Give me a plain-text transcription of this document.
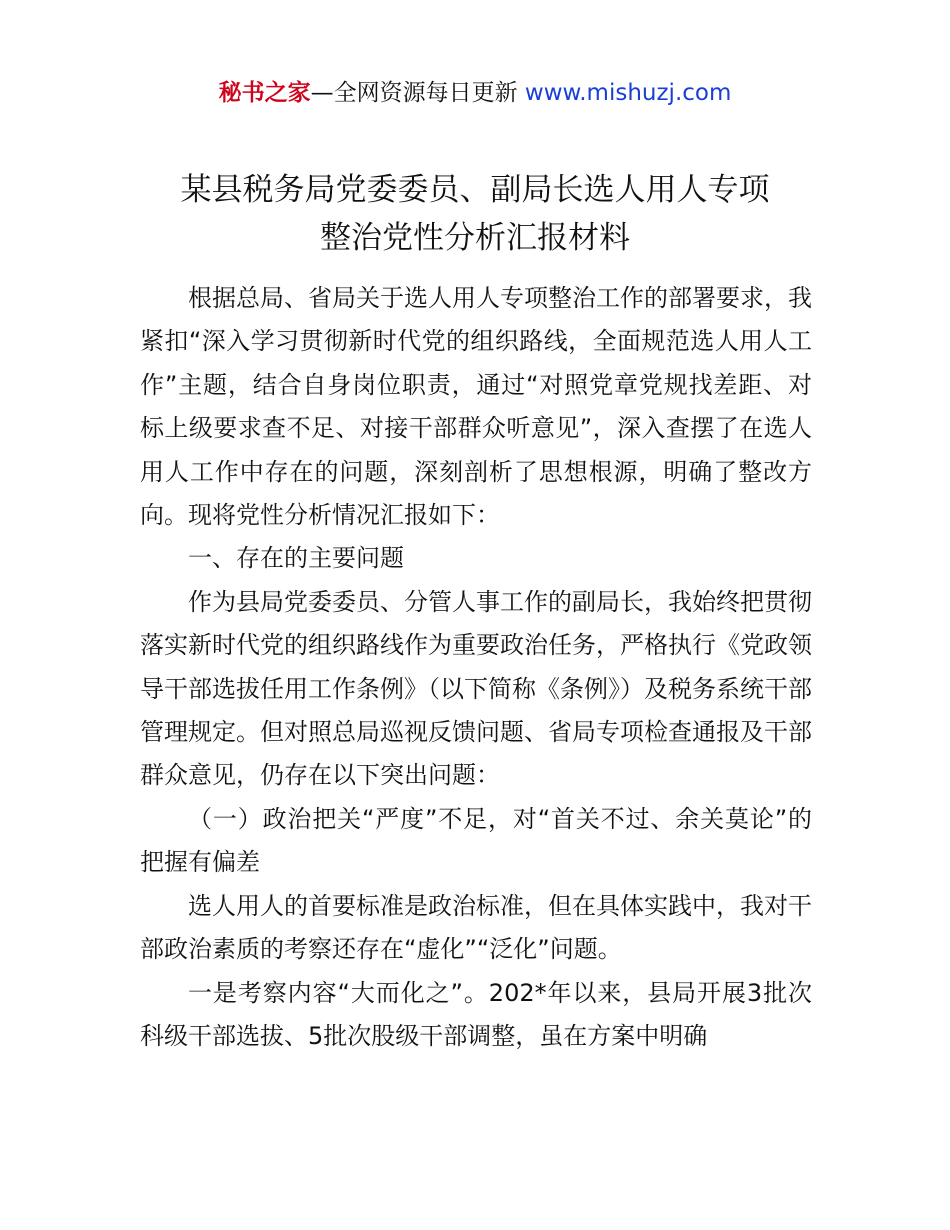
秘书之家—全网资源每日更新 www.mishuzj.com
某县税务局党委委员、副局长选人用人专项
整治党性分析汇报材料

根据总局、省局关于选人用人专项整治工作的部署要求，我紧扣“深入学习贯彻新时代党的组织路线，全面规范选人用人工作”主题，结合自身岗位职责，通过“对照党章党规找差距、对标上级要求查不足、对接干部群众听意见”，深入查摆了在选人用人工作中存在的问题，深刻剖析了思想根源，明确了整改方向。现将党性分析情况汇报如下：

一、存在的主要问题

作为县局党委委员、分管人事工作的副局长，我始终把贯彻落实新时代党的组织路线作为重要政治任务，严格执行《党政领导干部选拔任用工作条例》（以下简称《条例》）及税务系统干部管理规定。但对照总局巡视反馈问题、省局专项检查通报及干部群众意见，仍存在以下突出问题：

（一）政治把关“严度”不足，对“首关不过、余关莫论”的把握有偏差

选人用人的首要标准是政治标准，但在具体实践中，我对干部政治素质的考察还存在“虚化”“泛化”问题。

一是考察内容“大而化之”。202*年以来，县局开展3批次科级干部选拔、5批次股级干部调整，虽在方案中明确
